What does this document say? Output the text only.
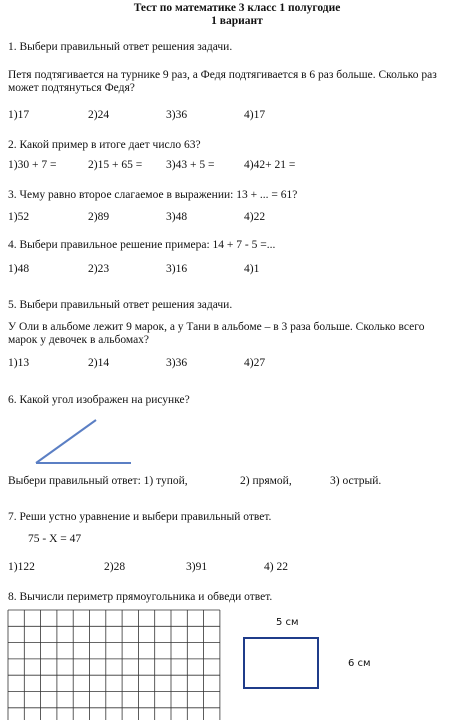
Тест по математике 3 класс 1 полугодие
1 вариант
1. Выбери правильный ответ решения задачи.
Петя подтягивается на турнике 9 раз, а Федя подтягивается в 6 раз больше. Сколько раз
может подтянуться Федя?
1)17	2)24	3)36	4)17
2. Какой пример в итоге дает число 63?
1)30 + 7 =	2)15 + 65 = 3)43 + 5 =	4)42+ 21 =
3. Чему равно второе слагаемое в выражении: 13 + ... = 61?
1)52	2)89	3)48	4)22
4. Выбери правильное решение примера: 14 + 7 - 5 =...
1)48	2)23	3)16	4)1
5. Выбери правильный ответ решения задачи.
У Оли в альбоме лежит 9 марок, а у Тани в альбоме – в 3 раза больше. Сколько всего
марок у девочек в альбомах?
1)13	2)14	3)36	4)27
6. Какой угол изображен на рисунке?
Выбери правильный ответ: 1) тупой,	2) прямой,	3) острый.
7. Реши устно уравнение и выбери правильный ответ.
75 - Х = 47
1)122	2)28	3)91	4) 22
8. Вычисли периметр прямоугольника и обведи ответ.
5 см
6 см
